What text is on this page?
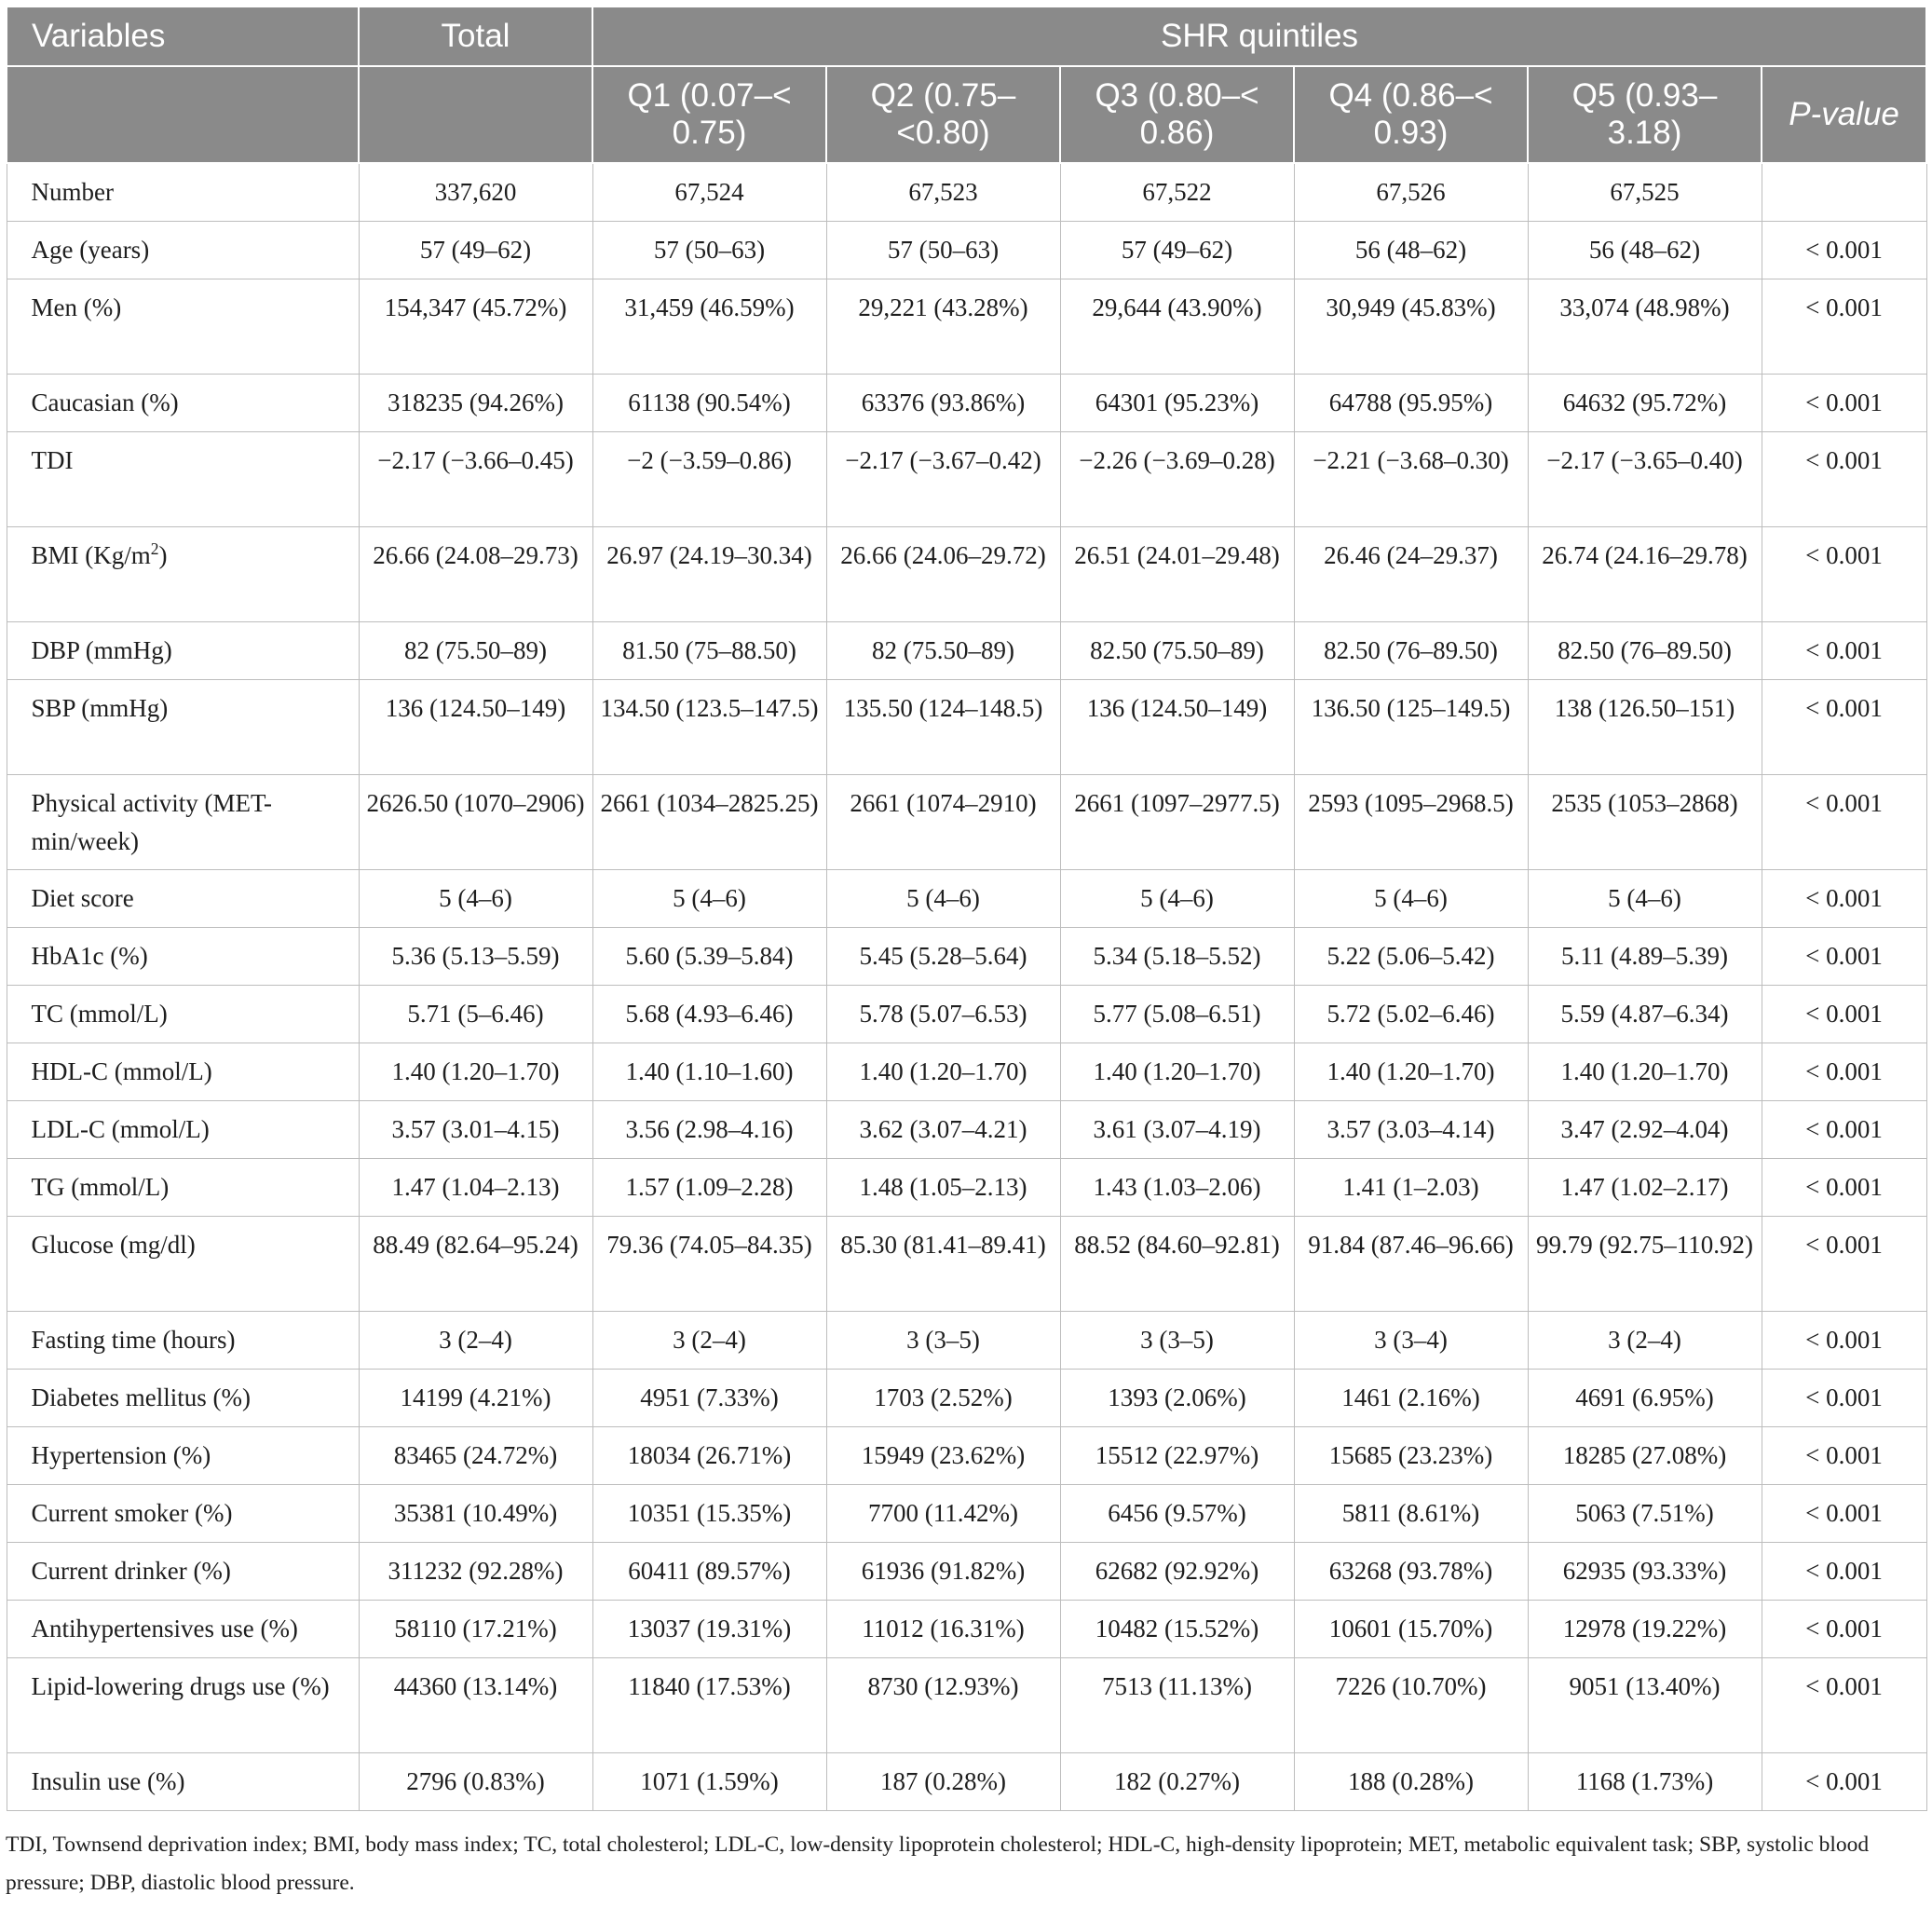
Variables	Total	SHR quintiles					
		Q1 (0.07–< 0.75)	Q2 (0.75–<0.80)	Q3 (0.80–< 0.86)	Q4 (0.86–< 0.93)	Q5 (0.93–3.18)	P-value
Number	337,620	67,524	67,523	67,522	67,526	67,525	
Age (years)	57 (49–62)	57 (50–63)	57 (50–63)	57 (49–62)	56 (48–62)	56 (48–62)	< 0.001
Men (%)	154,347 (45.72%)	31,459 (46.59%)	29,221 (43.28%)	29,644 (43.90%)	30,949 (45.83%)	33,074 (48.98%)	< 0.001
Caucasian (%)	318235 (94.26%)	61138 (90.54%)	63376 (93.86%)	64301 (95.23%)	64788 (95.95%)	64632 (95.72%)	< 0.001
TDI	−2.17 (−3.66–0.45)	−2 (−3.59–0.86)	−2.17 (−3.67–0.42)	−2.26 (−3.69–0.28)	−2.21 (−3.68–0.30)	−2.17 (−3.65–0.40)	< 0.001
BMI $(Kg/m^2)$	26.66 (24.08–29.73)	26.97 (24.19–30.34)	26.66 (24.06–29.72)	26.51 (24.01–29.48)	26.46 (24–29.37)	26.74 (24.16–29.78)	< 0.001
DBP (mmHg)	82 (75.50–89)	81.50 (75–88.50)	82 (75.50–89)	82.50 (75.50–89)	82.50 (76–89.50)	82.50 (76–89.50)	< 0.001
SBP (mmHg)	136 (124.50–149)	134.50 (123.5–147.5)	135.50 (124–148.5)	136 (124.50–149)	136.50 (125–149.5)	138 (126.50–151)	< 0.001
Physical activity (MET-min/week)	2626.50 (1070–2906)	2661 (1034–2825.25)	2661 (1074–2910)	2661 (1097–2977.5)	2593 (1095–2968.5)	2535 (1053–2868)	< 0.001
Diet score	5 (4–6)	5 (4–6)	5 (4–6)	5 (4–6)	5 (4–6)	5 (4–6)	< 0.001
HbA1c (%)	5.36 (5.13–5.59)	5.60 (5.39–5.84)	5.45 (5.28–5.64)	5.34 (5.18–5.52)	5.22 (5.06–5.42)	5.11 (4.89–5.39)	< 0.001
TC (mmol/L)	5.71 (5–6.46)	5.68 (4.93–6.46)	5.78 (5.07–6.53)	5.77 (5.08–6.51)	5.72 (5.02–6.46)	5.59 (4.87–6.34)	< 0.001
HDL-C (mmol/L)	1.40 (1.20–1.70)	1.40 (1.10–1.60)	1.40 (1.20–1.70)	1.40 (1.20–1.70)	1.40 (1.20–1.70)	1.40 (1.20–1.70)	< 0.001
LDL-C (mmol/L)	3.57 (3.01–4.15)	3.56 (2.98–4.16)	3.62 (3.07–4.21)	3.61 (3.07–4.19)	3.57 (3.03–4.14)	3.47 (2.92–4.04)	< 0.001
TG (mmol/L)	1.47 (1.04–2.13)	1.57 (1.09–2.28)	1.48 (1.05–2.13)	1.43 (1.03–2.06)	1.41 (1–2.03)	1.47 (1.02–2.17)	< 0.001
Glucose (mg/dl)	88.49 (82.64–95.24)	79.36 (74.05–84.35)	85.30 (81.41–89.41)	88.52 (84.60–92.81)	91.84 (87.46–96.66)	99.79 (92.75–110.92)	< 0.001
Fasting time (hours)	3 (2–4)	3 (2–4)	3 (3–5)	3 (3–5)	3 (3–4)	3 (2–4)	< 0.001
Diabetes mellitus (%)	14199 (4.21%)	4951 (7.33%)	1703 (2.52%)	1393 (2.06%)	1461 (2.16%)	4691 (6.95%)	< 0.001
Hypertension (%)	83465 (24.72%)	18034 (26.71%)	15949 (23.62%)	15512 (22.97%)	15685 (23.23%)	18285 (27.08%)	< 0.001
Current smoker (%)	35381 (10.49%)	10351 (15.35%)	7700 (11.42%)	6456 (9.57%)	5811 (8.61%)	5063 (7.51%)	< 0.001
Current drinker (%)	311232 (92.28%)	60411 (89.57%)	61936 (91.82%)	62682 (92.92%)	63268 (93.78%)	62935 (93.33%)	< 0.001
Antihypertensives use (%)	58110 (17.21%)	13037 (19.31%)	11012 (16.31%)	10482 (15.52%)	10601 (15.70%)	12978 (19.22%)	< 0.001
Lipid-lowering drugs use (%)	44360 (13.14%)	11840 (17.53%)	8730 (12.93%)	7513 (11.13%)	7226 (10.70%)	9051 (13.40%)	< 0.001
Insulin use (%)	2796 (0.83%)	1071 (1.59%)	187 (0.28%)	182 (0.27%)	188 (0.28%)	1168 (1.73%)	< 0.001
TDI, Townsend deprivation index; BMI, body mass index; TC, total cholesterol; LDL-C, low-density lipoprotein cholesterol; HDL-C, high-density lipoprotein; MET, metabolic equivalent task; SBP, systolic blood pressure; DBP, diastolic blood pressure.
